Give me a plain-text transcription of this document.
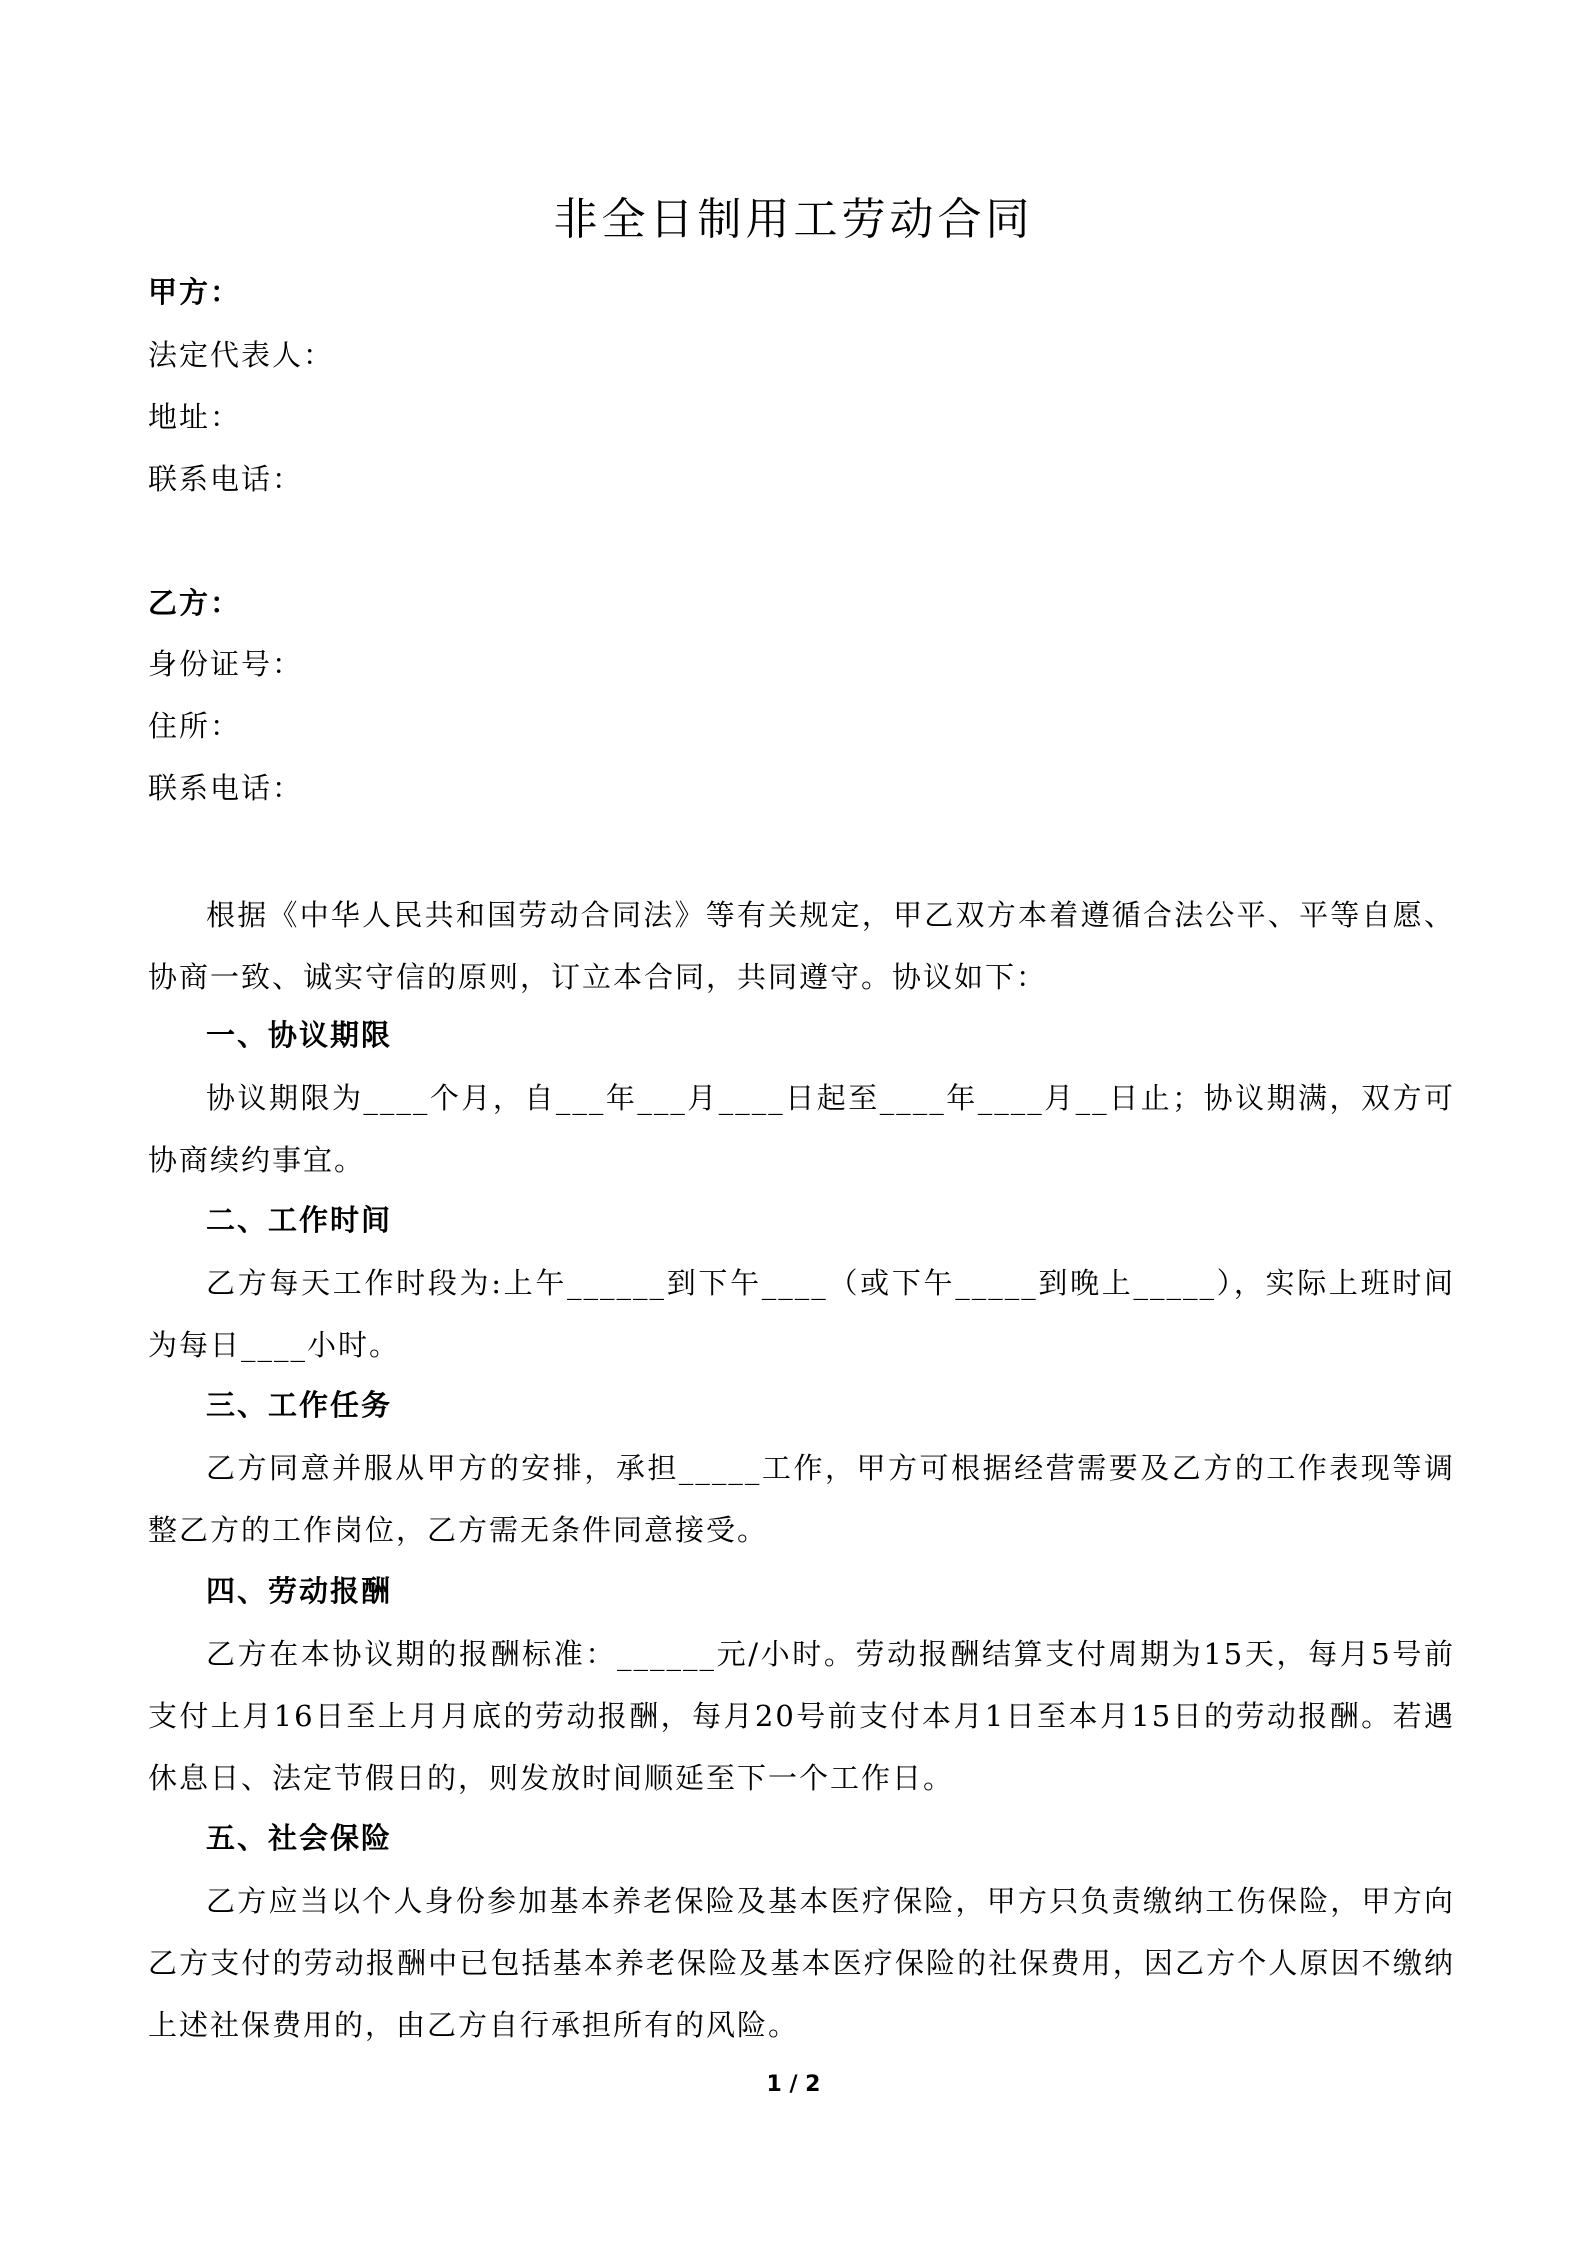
非全日制用工劳动合同
甲方：
法定代表人：
地址：
联系电话：
乙方：
身份证号：
住所：
联系电话：
根据《中华人民共和国劳动合同法》等有关规定，甲乙双方本着遵循合法公平、平等自愿、协商一致、诚实守信的原则，订立本合同，共同遵守。协议如下：
一、协议期限
协议期限为____个月，自___年___月____日起至____年____月__日止；协议期满，双方可协商续约事宜。
二、工作时间
乙方每天工作时段为:上午______到下午____（或下午_____到晚上_____），实际上班时间为每日____小时。
三、工作任务
乙方同意并服从甲方的安排，承担_____工作，甲方可根据经营需要及乙方的工作表现等调整乙方的工作岗位，乙方需无条件同意接受。
四、劳动报酬
乙方在本协议期的报酬标准：______元/小时。劳动报酬结算支付周期为15天，每月5号前支付上月16日至上月月底的劳动报酬，每月20号前支付本月1日至本月15日的劳动报酬。若遇休息日、法定节假日的，则发放时间顺延至下一个工作日。
五、社会保险
乙方应当以个人身份参加基本养老保险及基本医疗保险，甲方只负责缴纳工伤保险，甲方向乙方支付的劳动报酬中已包括基本养老保险及基本医疗保险的社保费用，因乙方个人原因不缴纳上述社保费用的，由乙方自行承担所有的风险。
1 / 2
